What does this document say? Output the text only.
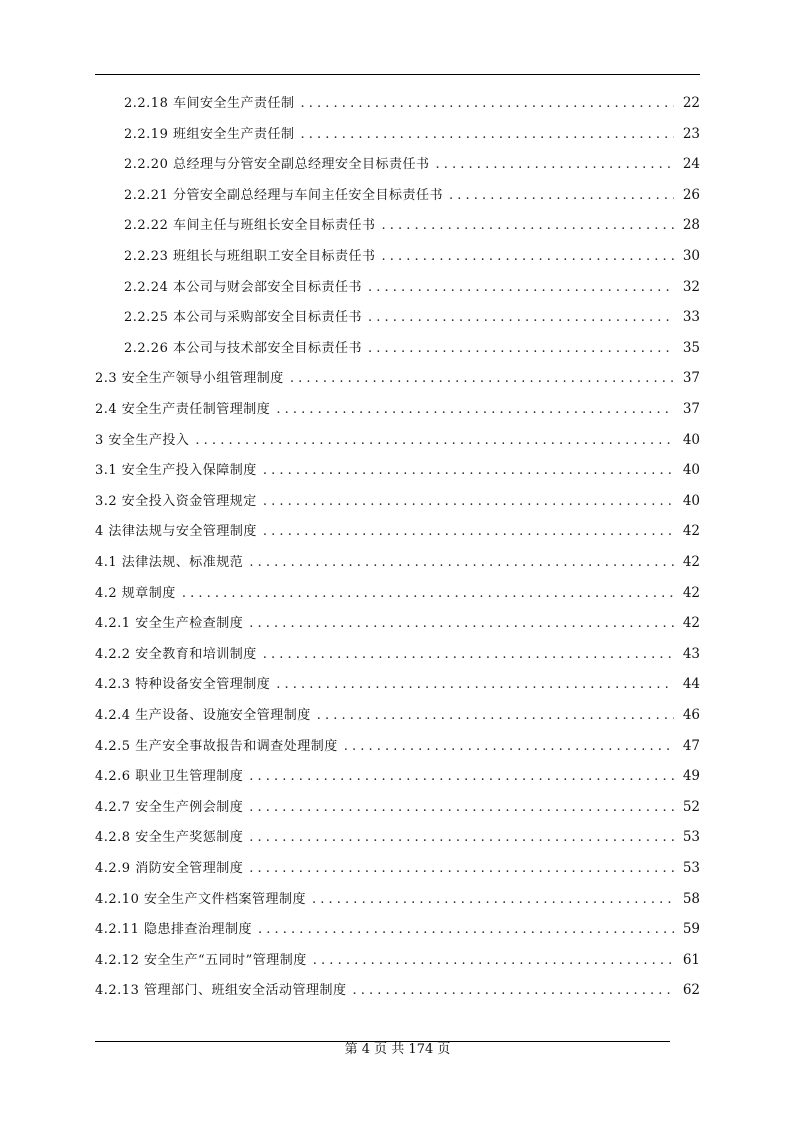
2.2.18 车间安全生产责任制 . . .	22
2.2.19 班组安全生产责任制 . . .	23
2.2.20 总经理与分管安全副总经理安全目标责任书 . . .	24
2.2.21 分管安全副总经理与车间主任安全目标责任书 . . .	26
2.2.22 车间主任与班组长安全目标责任书 . . .	28
2.2.23 班组长与班组职工安全目标责任书 . . .	30
2.2.24 本公司与财会部安全目标责任书 . . .	32
2.2.25 本公司与采购部安全目标责任书 . . .	33
2.2.26 本公司与技术部安全目标责任书 . . .	35
2.3 安全生产领导小组管理制度 . . .	37
2.4 安全生产责任制管理制度 . . .	37
3 安全生产投入 . . .	40
3.1 安全生产投入保障制度 . . .	40
3.2 安全投入资金管理规定 . . .	40
4 法律法规与安全管理制度 . . .	42
4.1 法律法规、标准规范 . . .	42
4.2 规章制度 . . .	42
4.2.1 安全生产检查制度 . . .	42
4.2.2 安全教育和培训制度 . . .	43
4.2.3 特种设备安全管理制度 . . .	44
4.2.4 生产设备、设施安全管理制度 . . .	46
4.2.5 生产安全事故报告和调查处理制度 . . .	47
4.2.6 职业卫生管理制度 . . .	49
4.2.7 安全生产例会制度 . . .	52
4.2.8 安全生产奖惩制度 . . .	53
4.2.9 消防安全管理制度 . . .	53
4.2.10 安全生产文件档案管理制度 . . .	58
4.2.11 隐患排查治理制度 . . .	59
4.2.12 安全生产“五同时”管理制度 . . .	61
4.2.13 管理部门、班组安全活动管理制度 . . .	62
第 4 页 共 174 页
